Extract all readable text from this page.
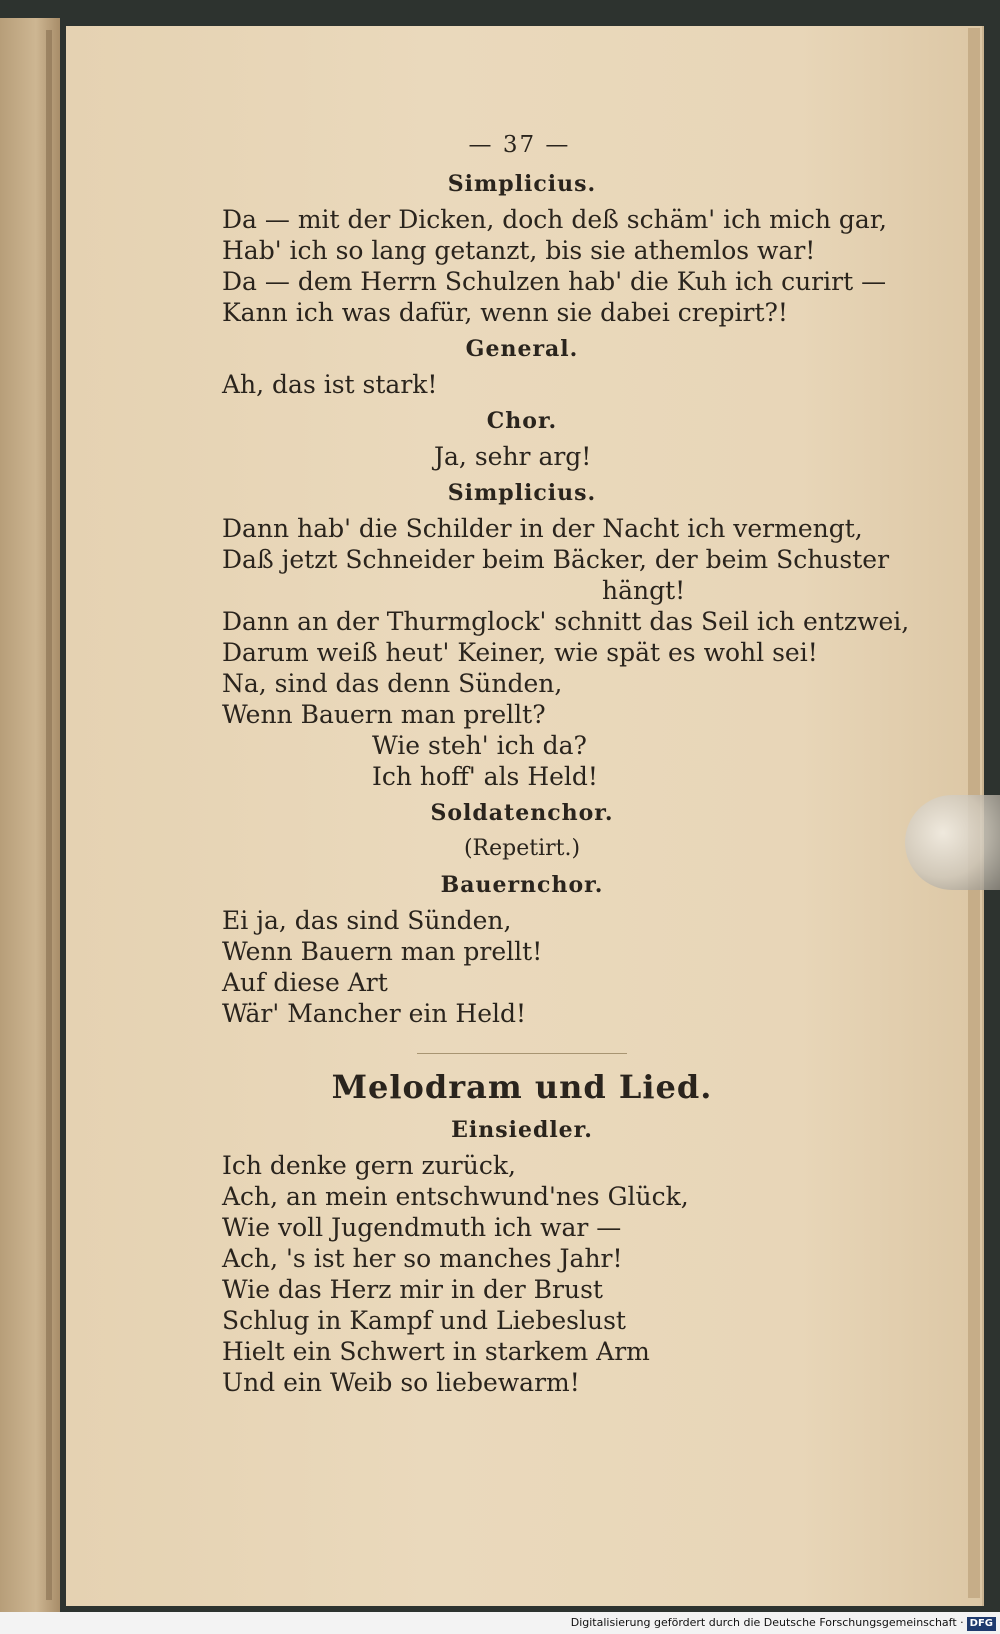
— 37 —
Simplicius.
Da — mit der Dicken, doch deß schäm' ich mich gar,
Hab' ich so lang getanzt, bis sie athemlos war!
Da — dem Herrn Schulzen hab' die Kuh ich curirt —
Kann ich was dafür, wenn sie dabei crepirt?!
General.
Ah, das ist stark!
Chor.
Ja, sehr arg!
Simplicius.
Dann hab' die Schilder in der Nacht ich vermengt,
Daß jetzt Schneider beim Bäcker, der beim Schuster
hängt!
Dann an der Thurmglock' schnitt das Seil ich entzwei,
Darum weiß heut' Keiner, wie spät es wohl sei!
Na, sind das denn Sünden,
Wenn Bauern man prellt?
Wie steh' ich da?
Ich hoff' als Held!
Soldatenchor.
(Repetirt.)
Bauernchor.
Ei ja, das sind Sünden,
Wenn Bauern man prellt!
Auf diese Art
Wär' Mancher ein Held!
Melodram und Lied.
Einsiedler.
Ich denke gern zurück,
Ach, an mein entschwund'nes Glück,
Wie voll Jugendmuth ich war —
Ach, 's ist her so manches Jahr!
Wie das Herz mir in der Brust
Schlug in Kampf und Liebeslust
Hielt ein Schwert in starkem Arm
Und ein Weib so liebewarm!
Digitalisierung gefördert durch die Deutsche Forschungsgemeinschaft · DFG
